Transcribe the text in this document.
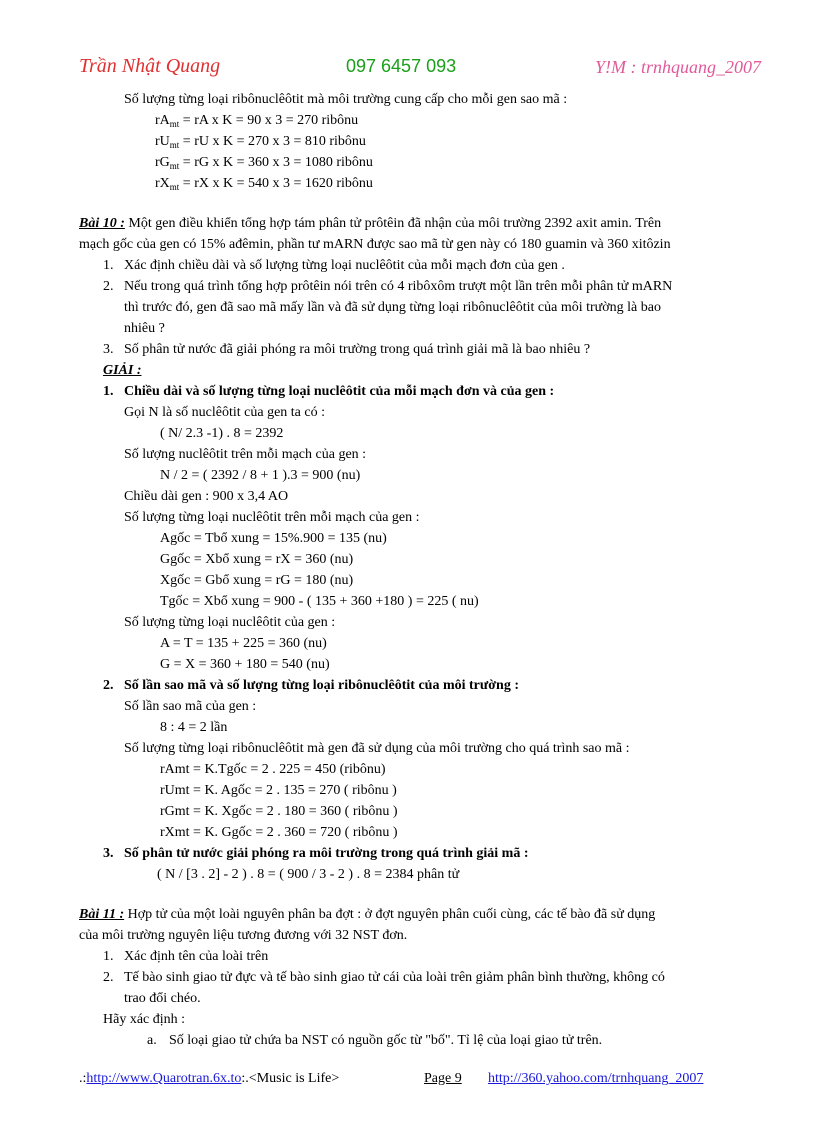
Trần Nhật Quang	097 6457 093	Y!M : trnhquang_2007
Số lượng từng loại ribônuclêôtit mà môi trường cung cấp cho mỗi gen sao mã :
$rA_{mt}$ = rA x K = 90 x 3 = 270 ribônu
$rU_{mt}$ = rU x K = 270 x 3 = 810 ribônu
$rG_{mt}$ = rG x K = 360 x 3 = 1080 ribônu
$rX_{mt}$ = rX x K = 540 x 3 = 1620 ribônu
Bài 10 : Một gen điều khiển tổng hợp tám phân tử prôtêin đã nhận của môi trường 2392 axit amin. Trên
mạch gốc của gen có 15% ađêmin, phần tư mARN được sao mã từ gen này có 180 guamin và 360 xitôzin
1. Xác định chiều dài và số lượng từng loại nuclêôtit của mỗi mạch đơn của gen .
2. Nếu trong quá trình tổng hợp prôtêin nói trên có 4 ribôxôm trượt một lần trên mỗi phân tử mARN
thì trước đó, gen đã sao mã mấy lần và đã sử dụng từng loại ribônuclêôtit của môi trường là bao
nhiêu ?
3. Số phân tử nước đã giải phóng ra môi trường trong quá trình giải mã là bao nhiêu ?
GIẢI :
1. Chiều dài và số lượng từng loại nuclêôtit của mỗi mạch đơn và của gen :
Gọi N là số nuclêôtit của gen ta có :
( N/ 2.3 -1) . 8 = 2392
Số lượng nuclêôtit trên mỗi mạch của gen :
N / 2 = ( 2392 / 8 + 1 ).3 = 900 (nu)
Chiều dài gen : 900 x 3,4 AO
Số lượng từng loại nuclêôtit trên mỗi mạch của gen :
Agốc = Tbổ xung = 15%.900 = 135 (nu)
Ggốc = Xbổ xung = rX = 360 (nu)
Xgốc = Gbổ xung = rG = 180 (nu)
Tgốc = Xbổ xung = 900 - ( 135 + 360 +180 ) = 225 ( nu)
Số lượng từng loại nuclêôtit của gen :
A = T = 135 + 225 = 360 (nu)
G = X = 360 + 180 = 540 (nu)
2. Số lần sao mã và số lượng từng loại ribônuclêôtit của môi trường :
Số lần sao mã của gen :
8 : 4 = 2 lần
Số lượng từng loại ribônuclêôtit mà gen đã sử dụng của môi trường cho quá trình sao mã :
rAmt = K.Tgốc = 2 . 225 = 450 (ribônu)
rUmt = K. Agốc = 2 . 135 = 270 ( ribônu )
rGmt = K. Xgốc = 2 . 180 = 360 ( ribônu )
rXmt = K. Ggốc = 2 . 360 = 720 ( ribônu )
3. Số phân tử nước giải phóng ra môi trường trong quá trình giải mã :
( N / [3 . 2] - 2 ) . 8 = ( 900 / 3 - 2 ) . 8 = 2384 phân tử
Bài 11 : Hợp tử của một loài nguyên phân ba đợt : ở đợt nguyên phân cuối cùng, các tế bào đã sử dụng
của môi trường nguyên liệu tương đương với 32 NST đơn.
1. Xác định tên của loài trên
2. Tế bào sinh giao tử đực và tế bào sinh giao tử cái của loài trên giảm phân bình thường, không có
trao đổi chéo.
Hãy xác định :
a. Số loại giao tử chứa ba NST có nguồn gốc từ "bố". Tỉ lệ của loại giao tử trên.
.:http://www.Quarotran.6x.to:.<Music is Life>	Page 9 http://360.yahoo.com/trnhquang_2007
